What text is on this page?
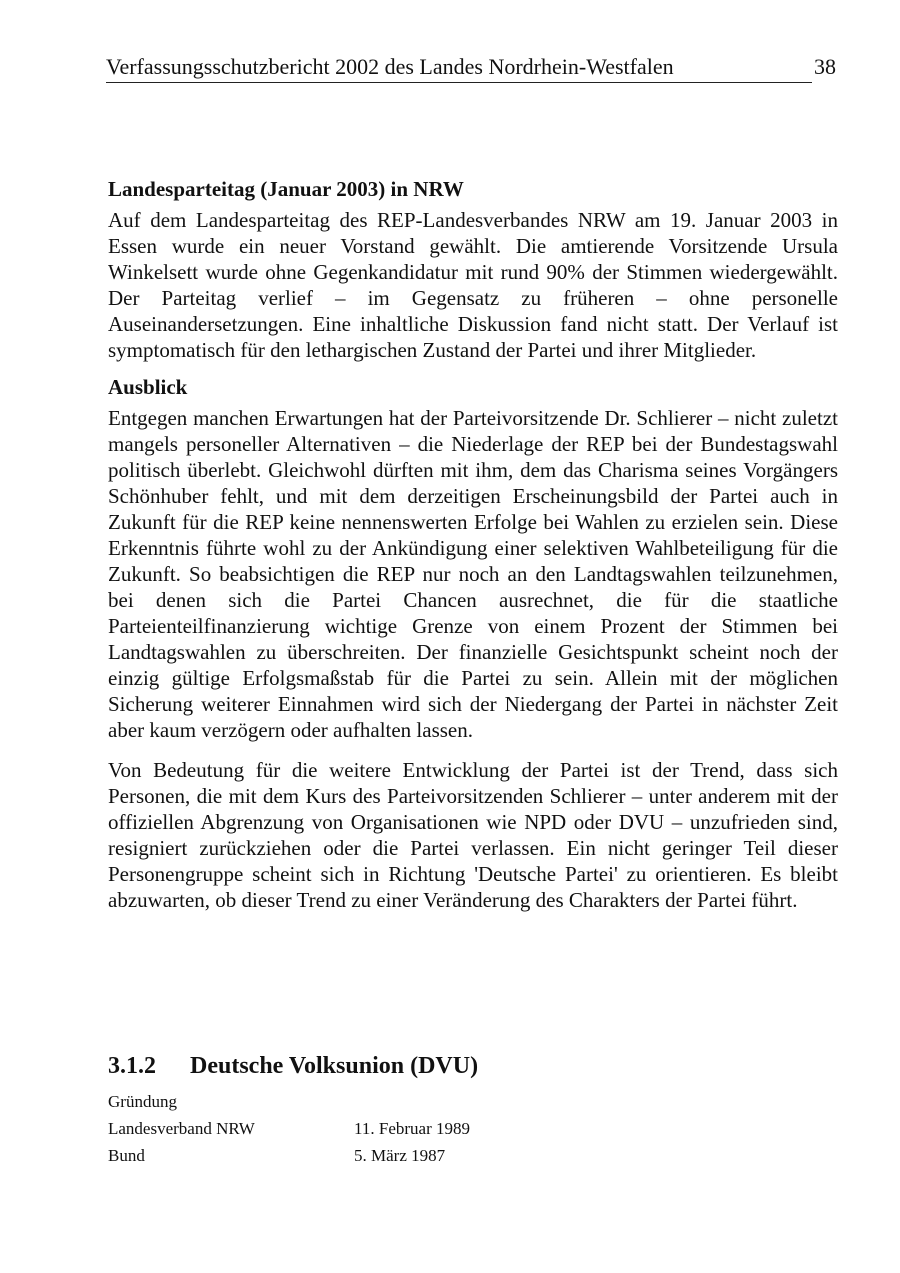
Verfassungsschutzbericht 2002 des Landes Nordrhein-Westfalen	38
Landesparteitag (Januar 2003) in NRW

Auf dem Landesparteitag des REP-Landesverbandes NRW am 19. Januar 2003 in Essen wurde ein neuer Vorstand gewählt. Die amtierende Vorsitzende Ursula Winkelsett wurde ohne Gegenkandidatur mit rund 90% der Stimmen wiedergewählt. Der Parteitag verlief – im Gegensatz zu früheren – ohne personelle Auseinandersetzungen. Eine inhaltliche Diskussion fand nicht statt. Der Verlauf ist symptomatisch für den lethargischen Zustand der Partei und ihrer Mitglieder.

Ausblick

Entgegen manchen Erwartungen hat der Parteivorsitzende Dr. Schlierer – nicht zuletzt mangels personeller Alternativen – die Niederlage der REP bei der Bundestagswahl politisch überlebt. Gleichwohl dürften mit ihm, dem das Charisma seines Vorgängers Schönhuber fehlt, und mit dem derzeitigen Erscheinungsbild der Partei auch in Zukunft für die REP keine nennenswerten Erfolge bei Wahlen zu erzielen sein. Diese Erkenntnis führte wohl zu der Ankündigung einer selektiven Wahlbeteiligung für die Zukunft. So beabsichtigen die REP nur noch an den Landtagswahlen teilzunehmen, bei denen sich die Partei Chancen ausrechnet, die für die staatliche Parteienteilfinanzierung wichtige Grenze von einem Prozent der Stimmen bei Landtagswahlen zu überschreiten. Der finanzielle Gesichtspunkt scheint noch der einzig gültige Erfolgsmaßstab für die Partei zu sein. Allein mit der möglichen Sicherung weiterer Einnahmen wird sich der Niedergang der Partei in nächster Zeit aber kaum verzögern oder aufhalten lassen.

Von Bedeutung für die weitere Entwicklung der Partei ist der Trend, dass sich Personen, die mit dem Kurs des Parteivorsitzenden Schlierer – unter anderem mit der offiziellen Abgrenzung von Organisationen wie NPD oder DVU – unzufrieden sind, resigniert zurückziehen oder die Partei verlassen. Ein nicht geringer Teil dieser Personengruppe scheint sich in Richtung 'Deutsche Partei' zu orientieren. Es bleibt abzuwarten, ob dieser Trend zu einer Veränderung des Charakters der Partei führt.

3.1.2 Deutsche Volksunion (DVU)
Gründung	
Landesverband NRW	11. Februar 1989
Bund	5. März 1987
